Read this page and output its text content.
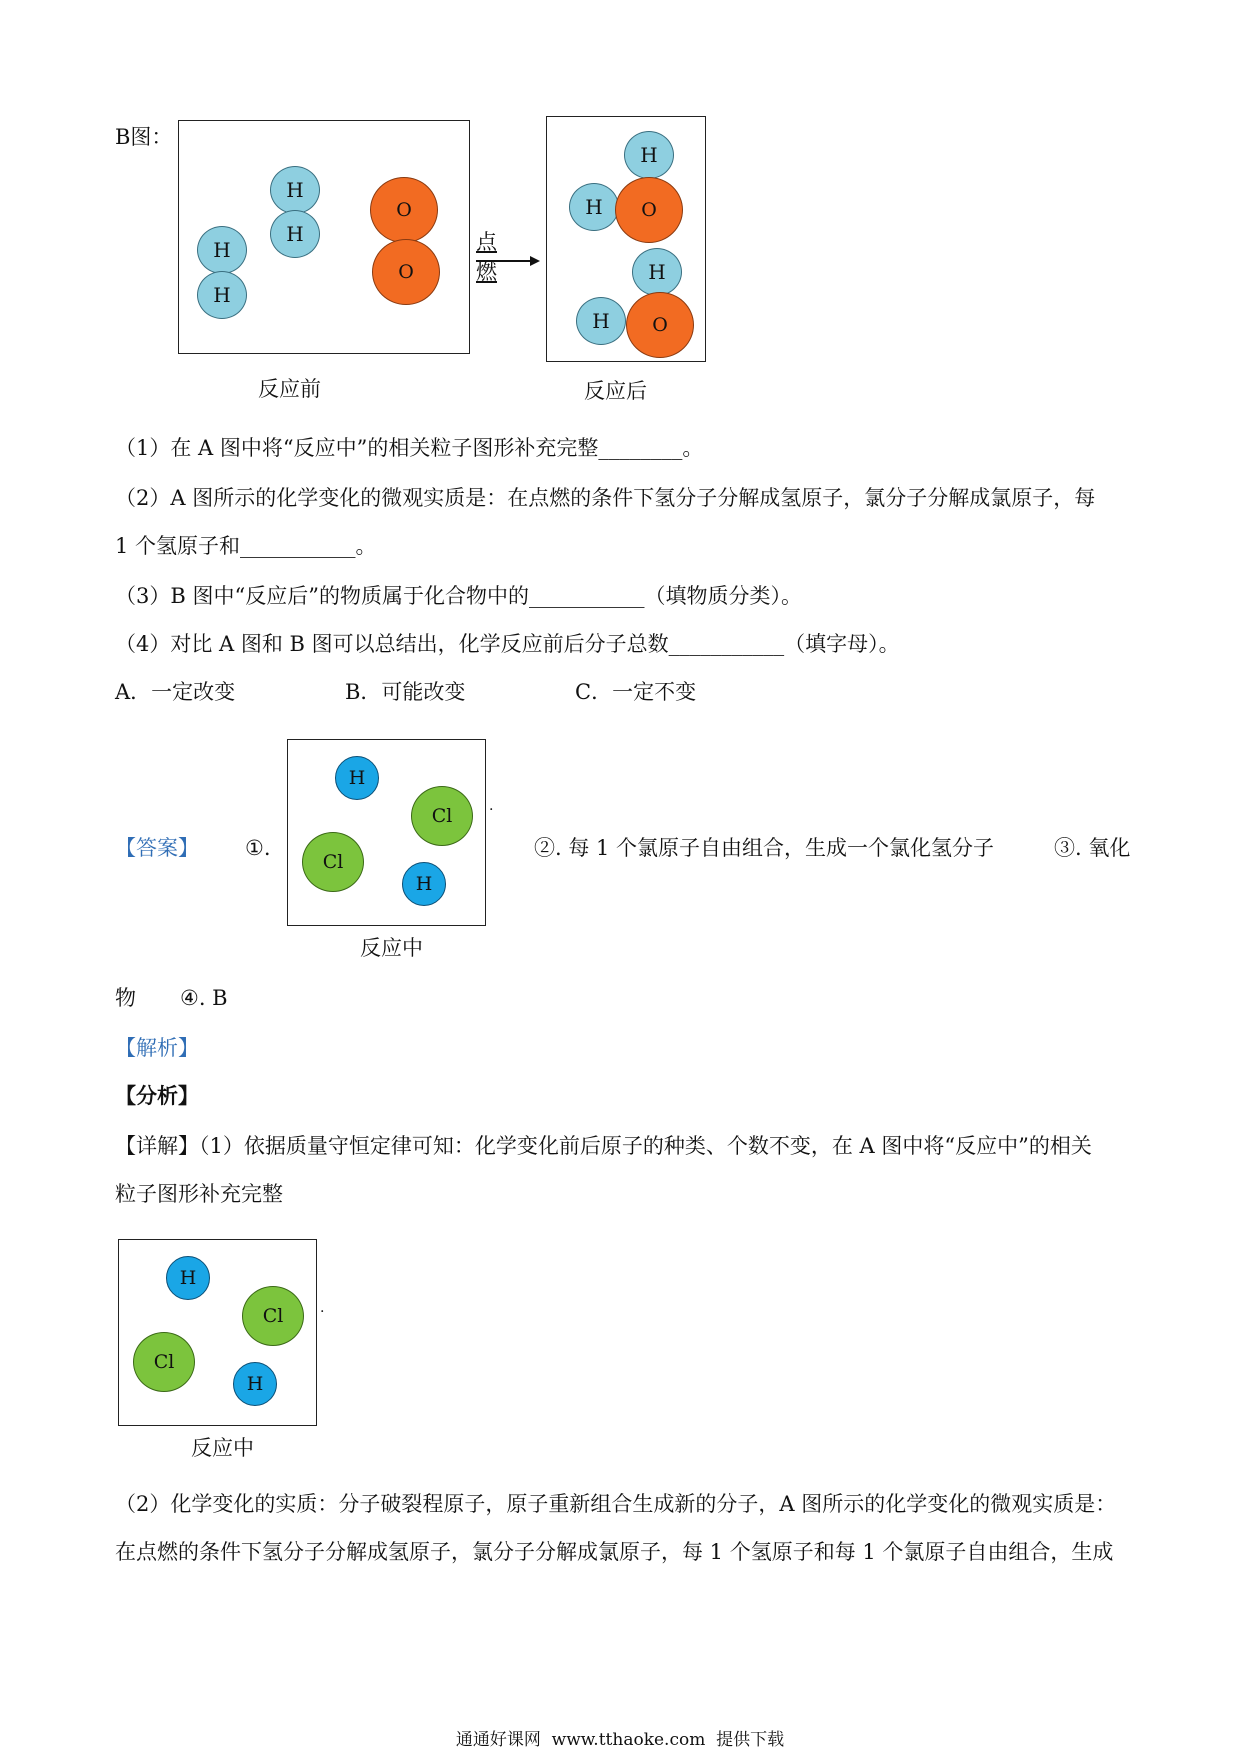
B图：
H
H
H
H
O
O
点燃
H
H	O
H
H	O
反应前	反应后
（1）在 A 图中将“反应中”的相关粒子图形补充完整________。
（2）A 图所示的化学变化的微观实质是：在点燃的条件下氢分子分解成氢原子，氯分子分解成氯原子，每
1 个氢原子和___________。
（3）B 图中“反应后”的物质属于化合物中的___________（填物质分类）。
（4）对比 A 图和 B 图可以总结出，化学反应前后分子总数___________（填字母）。
A．一定改变	B．可能改变	C．一定不变
【答案】 ①.
H
Cl
Cl
H
.
反应中
②. 每 1 个氯原子自由组合，生成一个氯化氢分子	③. 氧化
物 ④. B
【解析】
【分析】
【详解】（1）依据质量守恒定律可知：化学变化前后原子的种类、个数不变，在 A 图中将“反应中”的相关
粒子图形补充完整
H
Cl
Cl
H
.
反应中
（2）化学变化的实质：分子破裂程原子，原子重新组合生成新的分子，A 图所示的化学变化的微观实质是：
在点燃的条件下氢分子分解成氢原子，氯分子分解成氯原子，每 1 个氢原子和每 1 个氯原子自由组合，生成
通通好课网  www.tthaoke.com  提供下载
